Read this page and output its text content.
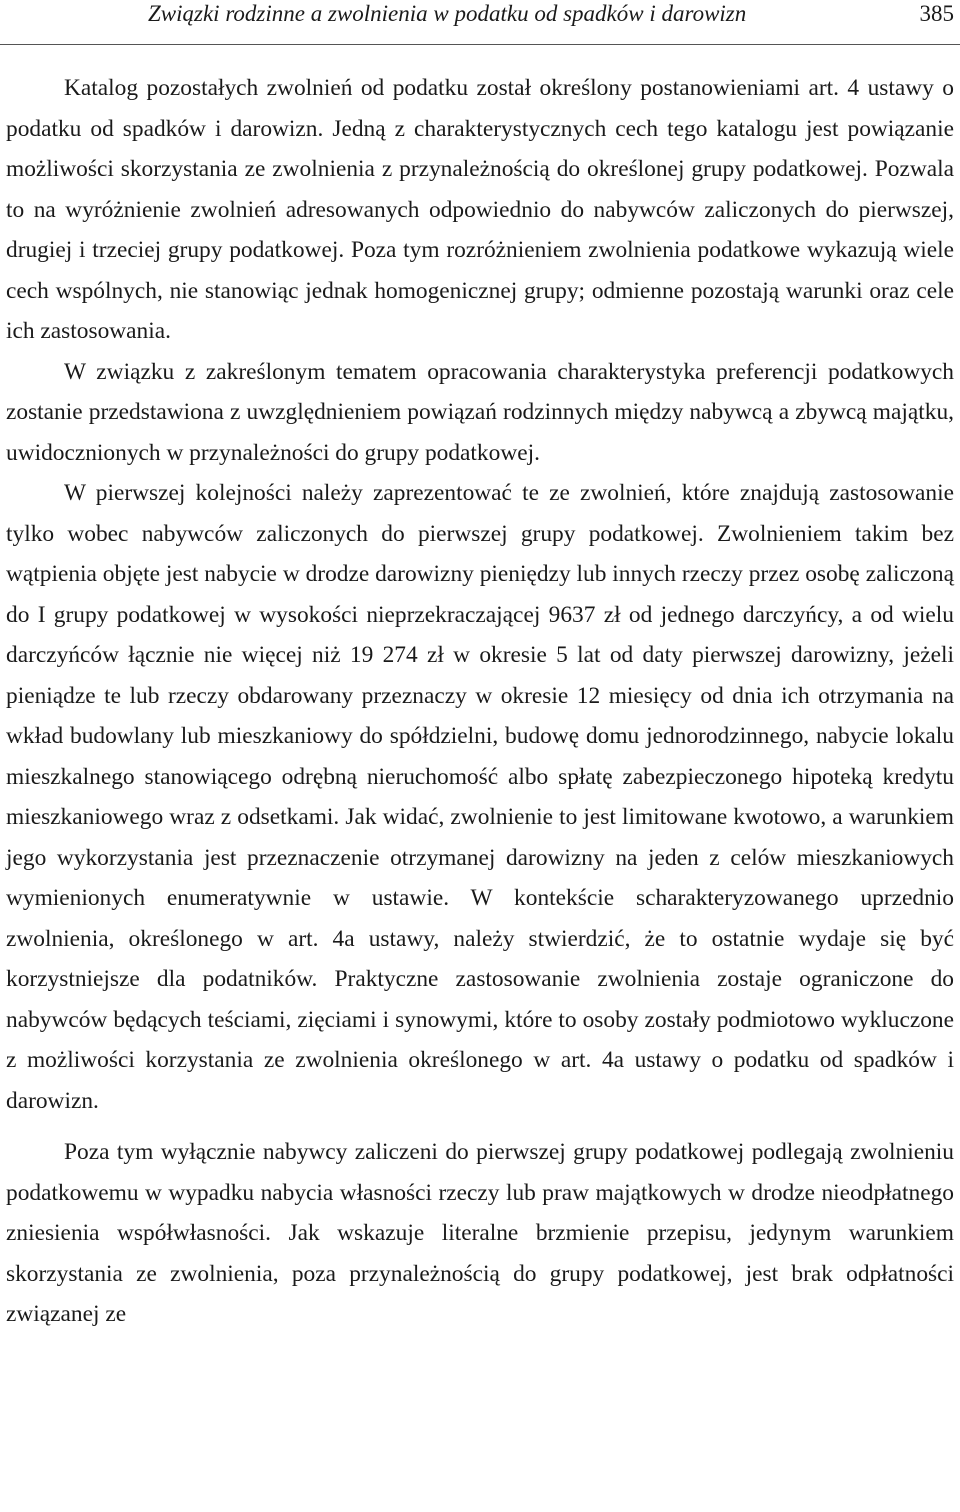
Związki rodzinne a zwolnienia w podatku od spadków i darowizn	385

Katalog pozostałych zwolnień od podatku został określony postanowieniami art. 4 ustawy o podatku od spadków i darowizn. Jedną z charakterystycznych cech tego katalogu jest powiązanie możliwości skorzystania ze zwolnienia z przynależnością do określonej grupy podatkowej. Pozwala to na wyróżnienie zwolnień adresowanych odpowiednio do nabywców zaliczonych do pierwszej, drugiej i trzeciej grupy podatkowej. Poza tym rozróżnieniem zwolnienia podatkowe wykazują wiele cech wspólnych, nie stanowiąc jednak homogenicznej grupy; odmienne pozostają warunki oraz cele ich zastosowania.

W związku z zakreślonym tematem opracowania charakterystyka preferencji podatkowych zostanie przedstawiona z uwzględnieniem powiązań rodzinnych między nabywcą a zbywcą majątku, uwidocznionych w przynależności do grupy podatkowej.

W pierwszej kolejności należy zaprezentować te ze zwolnień, które znajdują zastosowanie tylko wobec nabywców zaliczonych do pierwszej grupy podatkowej. Zwolnieniem takim bez wątpienia objęte jest nabycie w drodze darowizny pieniędzy lub innych rzeczy przez osobę zaliczoną do I grupy podatkowej w wysokości nieprzekraczającej 9637 zł od jednego darczyńcy, a od wielu darczyńców łącznie nie więcej niż 19 274 zł w okresie 5 lat od daty pierwszej darowizny, jeżeli pieniądze te lub rzeczy obdarowany przeznaczy w okresie 12 miesięcy od dnia ich otrzymania na wkład budowlany lub mieszkaniowy do spółdzielni, budowę domu jednorodzinnego, nabycie lokalu mieszkalnego stanowiącego odrębną nieruchomość albo spłatę zabezpieczonego hipoteką kredytu mieszkaniowego wraz z odsetkami. Jak widać, zwolnienie to jest limitowane kwotowo, a warunkiem jego wykorzystania jest przeznaczenie otrzymanej darowizny na jeden z celów mieszkaniowych wymienionych enumeratywnie w ustawie. W kontekście scharakteryzowanego uprzednio zwolnienia, określonego w art. 4a ustawy, należy stwierdzić, że to ostatnie wydaje się być korzystniejsze dla podatników. Praktyczne zastosowanie zwolnienia zostaje ograniczone do nabywców będących teściami, zięciami i synowymi, które to osoby zostały podmiotowo wykluczone z możliwości korzystania ze zwolnienia określonego w art. 4a ustawy o podatku od spadków i darowizn.

Poza tym wyłącznie nabywcy zaliczeni do pierwszej grupy podatkowej podlegają zwolnieniu podatkowemu w wypadku nabycia własności rzeczy lub praw majątkowych w drodze nieodpłatnego zniesienia współwłasności. Jak wskazuje literalne brzmienie przepisu, jedynym warunkiem skorzystania ze zwolnienia, poza przynależnością do grupy podatkowej, jest brak odpłatności związanej ze
